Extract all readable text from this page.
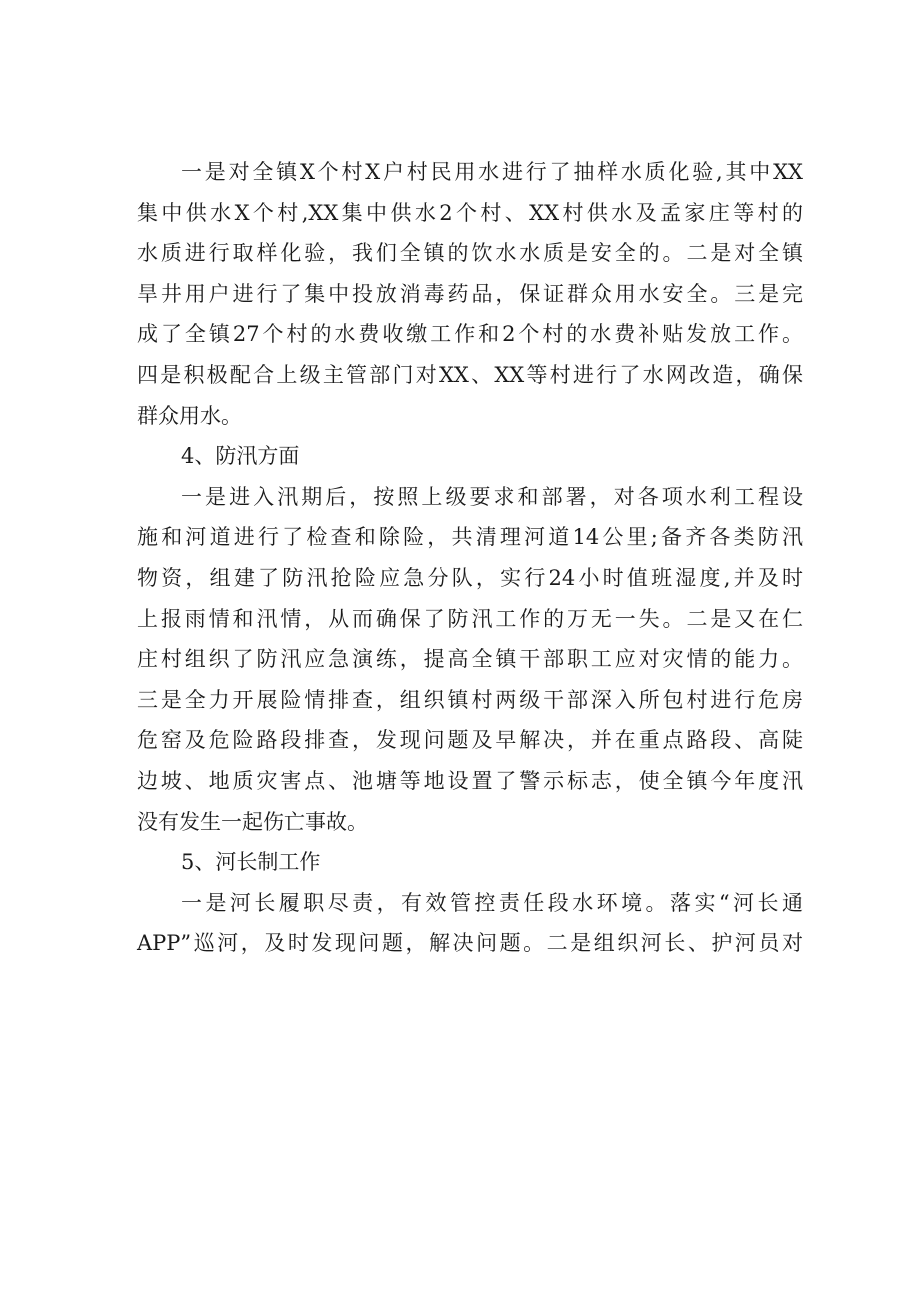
一是对全镇X个村X户村民用水进行了抽样水质化验,其中XX
集中供水X个村,XX集中供水2个村、XX村供水及孟家庄等村的
水质进行取样化验，我们全镇的饮水水质是安全的。二是对全镇
旱井用户进行了集中投放消毒药品，保证群众用水安全。三是完
成了全镇27个村的水费收缴工作和2个村的水费补贴发放工作。
四是积极配合上级主管部门对XX、XX等村进行了水网改造，确保
群众用水。
4、防汛方面
一是进入汛期后，按照上级要求和部署，对各项水利工程设
施和河道进行了检查和除险，共清理河道14公里;备齐各类防汛
物资，组建了防汛抢险应急分队，实行24小时值班湿度,并及时
上报雨情和汛情，从而确保了防汛工作的万无一失。二是又在仁
庄村组织了防汛应急演练，提高全镇干部职工应对灾情的能力。
三是全力开展险情排查，组织镇村两级干部深入所包村进行危房
危窑及危险路段排查，发现问题及早解决，并在重点路段、高陡
边坡、地质灾害点、池塘等地设置了警示标志，使全镇今年度汛
没有发生一起伤亡事故。
5、河长制工作
一是河长履职尽责，有效管控责任段水环境。落实“河长通
APP”巡河，及时发现问题，解决问题。二是组织河长、护河员对
